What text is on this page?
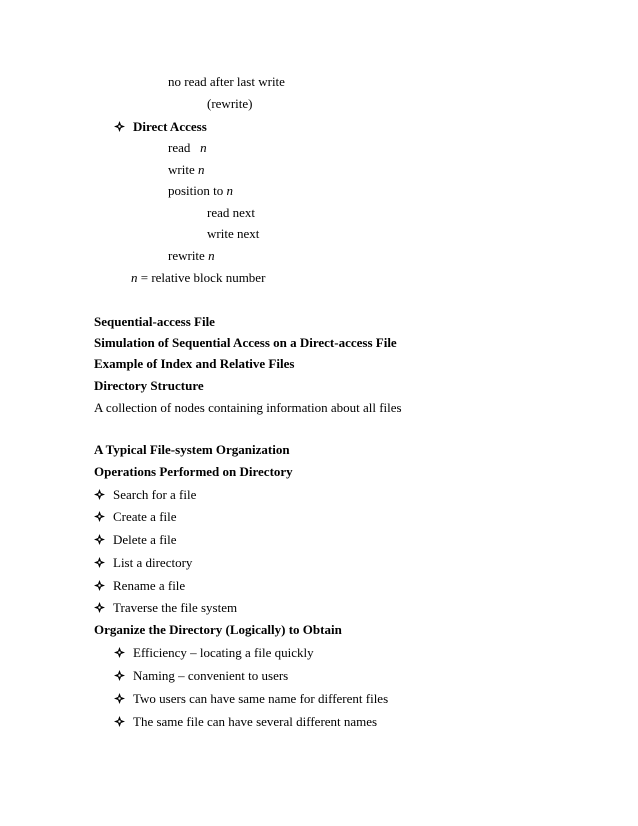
no read after last write
(rewrite)
Direct Access
read n
write n
position to n
read next
write next
rewrite n
n = relative block number
Sequential-access File
Simulation of Sequential Access on a Direct-access File
Example of Index and Relative Files
Directory Structure
A collection of nodes containing information about all files
A Typical File-system Organization
Operations Performed on Directory
Search for a file
Create a file
Delete a file
List a directory
Rename a file
Traverse the file system
Organize the Directory (Logically) to Obtain
Efficiency – locating a file quickly
Naming – convenient to users
Two users can have same name for different files
The same file can have several different names
